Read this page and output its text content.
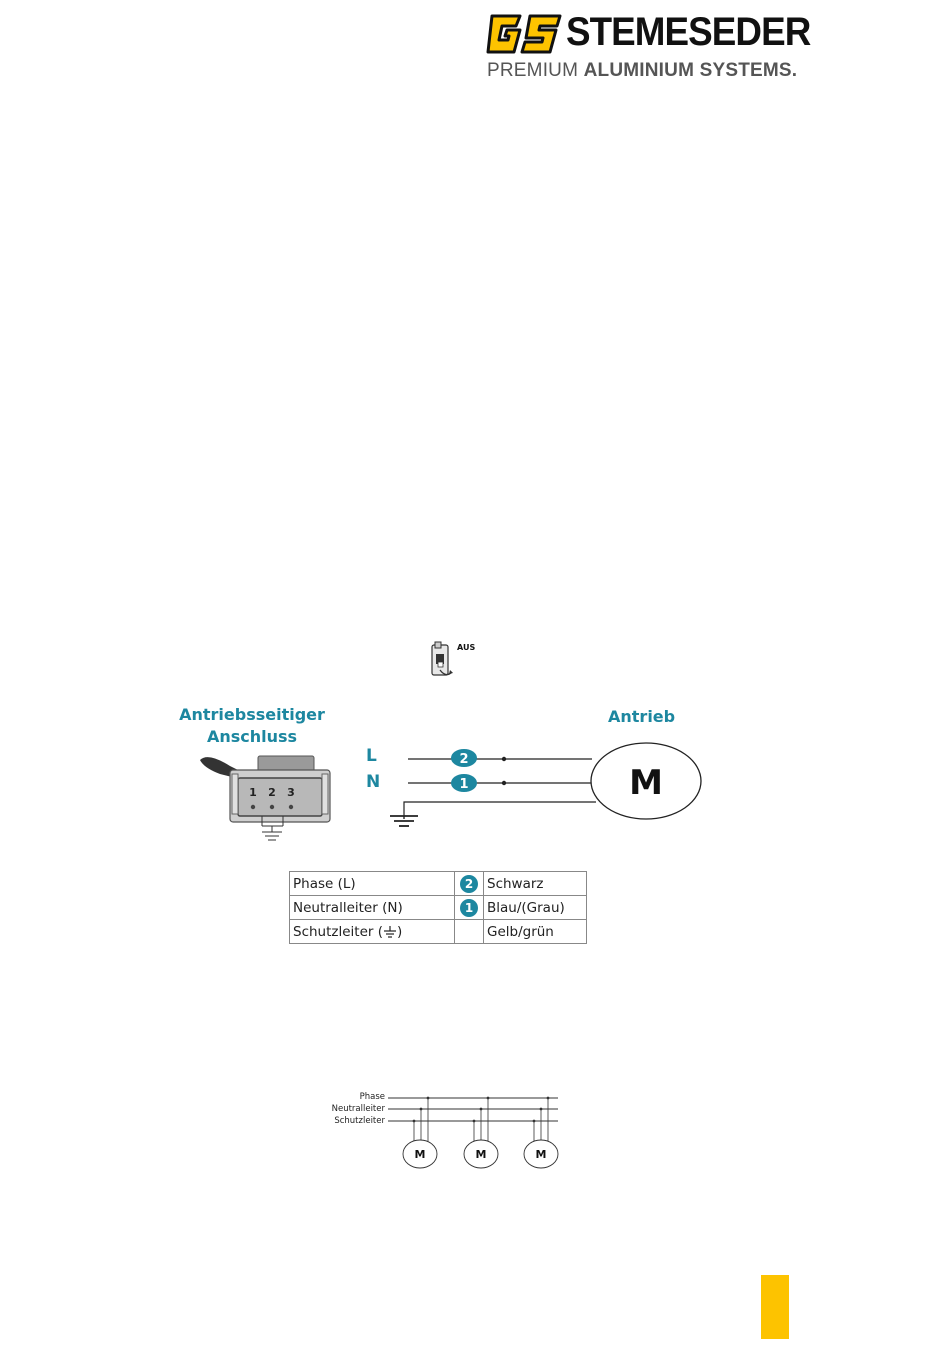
STEMESEDER
PREMIUM ALUMINIUM SYSTEMS.
AUS
Antriebsseitiger
Anschluss
Antrieb
1 2 3
2
1	M
L
N
Phase (L)	2	Schwarz
Neutralleiter (N)	1	Blau/(Grau)
Schutzleiter ( )		Gelb/grün
Phase
Neutralleiter
Schutzleiter
M	M	M
